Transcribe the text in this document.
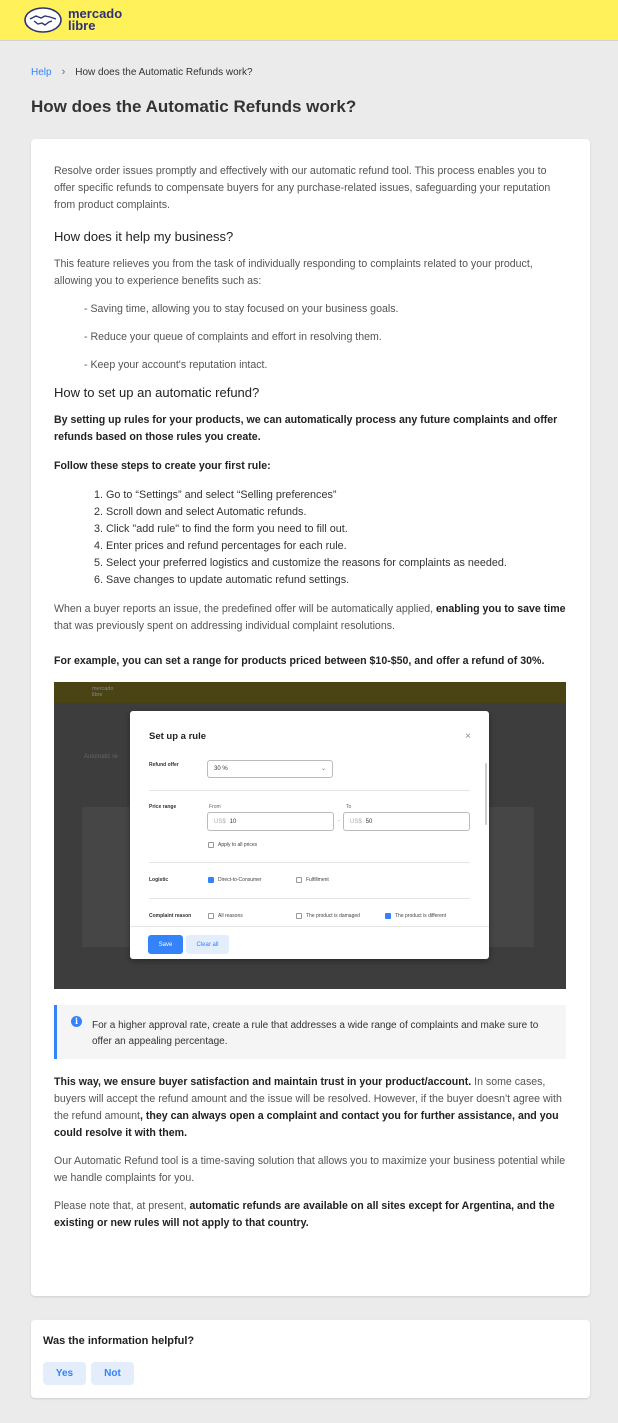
mercado
libre
Help › How does the Automatic Refunds work?
How does the Automatic Refunds work?

Resolve order issues promptly and effectively with our automatic refund tool. This process enables you to offer specific refunds to compensate buyers for any purchase-related issues, safeguarding your reputation from product complaints.

How does it help my business?

This feature relieves you from the task of individually responding to complaints related to your product, allowing you to experience benefits such as:

- Saving time, allowing you to stay focused on your business goals.
- Reduce your queue of complaints and effort in resolving them.
- Keep your account's reputation intact.
How to set up an automatic refund?

By setting up rules for your products, we can automatically process any future complaints and offer refunds based on those rules you create.

Follow these steps to create your first rule:

1. Go to “Settings” and select “Selling preferences”
2. Scroll down and select Automatic refunds.
3. Click "add rule" to find the form you need to fill out.
4. Enter prices and refund percentages for each rule.
5. Select your preferred logistics and customize the reasons for complaints as needed.
6. Save changes to update automatic refund settings.

When a buyer reports an issue, the predefined offer will be automatically applied, enabling you to save time that was previously spent on addressing individual complaint resolutions.

For example, you can set a range for products priced between $10-$50, and offer a refund of 30%.

mercado
libre
Automatic re
Set up a rule	×
Refund offer
30 %	⌄
Price range	From	To
US$ 10	-	US$ 50
Apply to all prices
Logistic	Direct-to-Consumer	Fulfillment
Complaint reason	All reasons	The product is damaged	The product is different
Save	Clear all
i	For a higher approval rate, create a rule that addresses a wide range of complaints and make sure to offer an appealing percentage.

This way, we ensure buyer satisfaction and maintain trust in your product/account. In some cases, buyers will accept the refund amount and the issue will be resolved. However, if the buyer doesn't agree with the refund amount, they can always open a complaint and contact you for further assistance, and you could resolve it with them.

Our Automatic Refund tool is a time-saving solution that allows you to maximize your business potential while we handle complaints for you.

Please note that, at present, automatic refunds are available on all sites except for Argentina, and the existing or new rules will not apply to that country.

Was the information helpful?
Yes	Not
